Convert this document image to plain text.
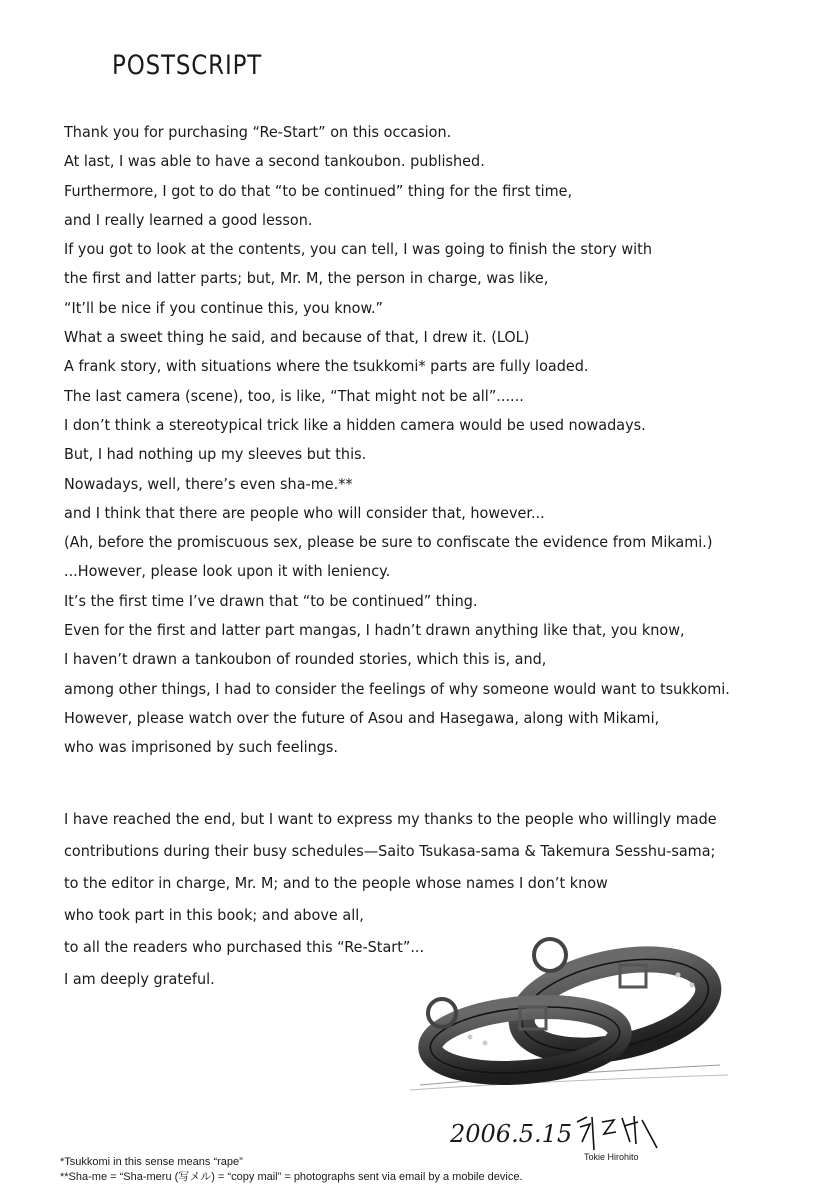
POSTSCRIPT
Thank you for purchasing “Re-Start” on this occasion.
At last, I was able to have a second tankoubon. published.
Furthermore, I got to do that “to be continued” thing for the first time,
and I really learned a good lesson.
If you got to look at the contents, you can tell, I was going to finish the story with
the first and latter parts; but, Mr. M, the person in charge, was like,
“It’ll be nice if you continue this, you know.”
What a sweet thing he said, and because of that, I drew it. (LOL)
A frank story, with situations where the tsukkomi* parts are fully loaded.
The last camera (scene), too, is like, “That might not be all”......
I don’t think a stereotypical trick like a hidden camera would be used nowadays.
But, I had nothing up my sleeves but this.
Nowadays, well, there’s even sha-me.**
and I think that there are people who will consider that, however...
(Ah, before the promiscuous sex, please be sure to confiscate the evidence from Mikami.)
...However, please look upon it with leniency.
It’s the first time I’ve drawn that “to be continued” thing.
Even for the first and latter part mangas, I hadn’t drawn anything like that, you know,
I haven’t drawn a tankoubon of rounded stories, which this is, and,
among other things, I had to consider the feelings of why someone would want to tsukkomi.
However, please watch over the future of Asou and Hasegawa, along with Mikami,
who was imprisoned by such feelings.
I have reached the end, but I want to express my thanks to the people who willingly made
contributions during their busy schedules—Saito Tsukasa-sama & Takemura Sesshu-sama;
to the editor in charge, Mr. M; and to the people whose names I don’t know
who took part in this book; and above all,
to all the readers who purchased this “Re-Start”...
I am deeply grateful.
2006.5.15
Tokie Hirohito
*Tsukkomi in this sense means “rape”
**Sha-me = “Sha-meru (写メル) = “copy mail” = photographs sent via email by a mobile device.
